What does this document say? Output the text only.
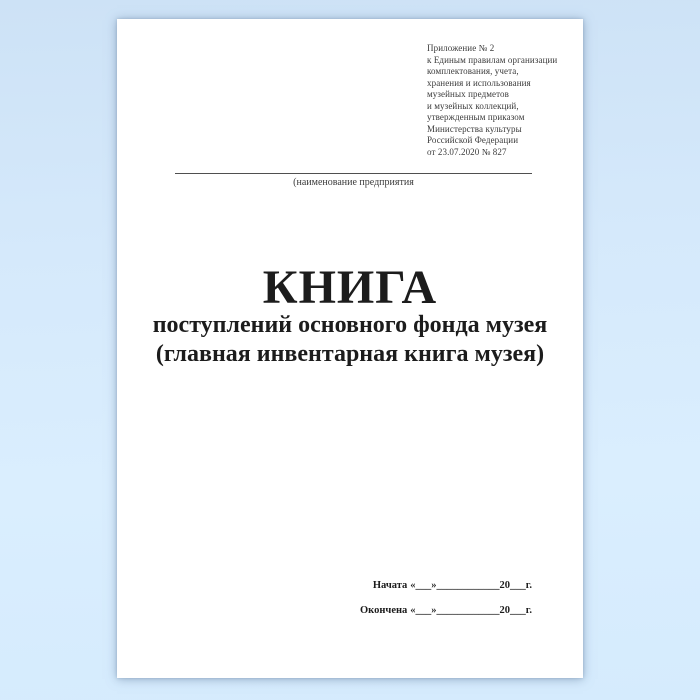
Приложение № 2
к Единым правилам организации
комплектования, учета,
хранения и использования
музейных предметов
и музейных коллекций,
утвержденным приказом
Министерства культуры
Российской Федерации
от 23.07.2020 № 827
(наименование предприятия
КНИГА
поступлений основного фонда музея
(главная инвентарная книга музея)
Начата «___»____________20___г.
Окончена «___»____________20___г.
